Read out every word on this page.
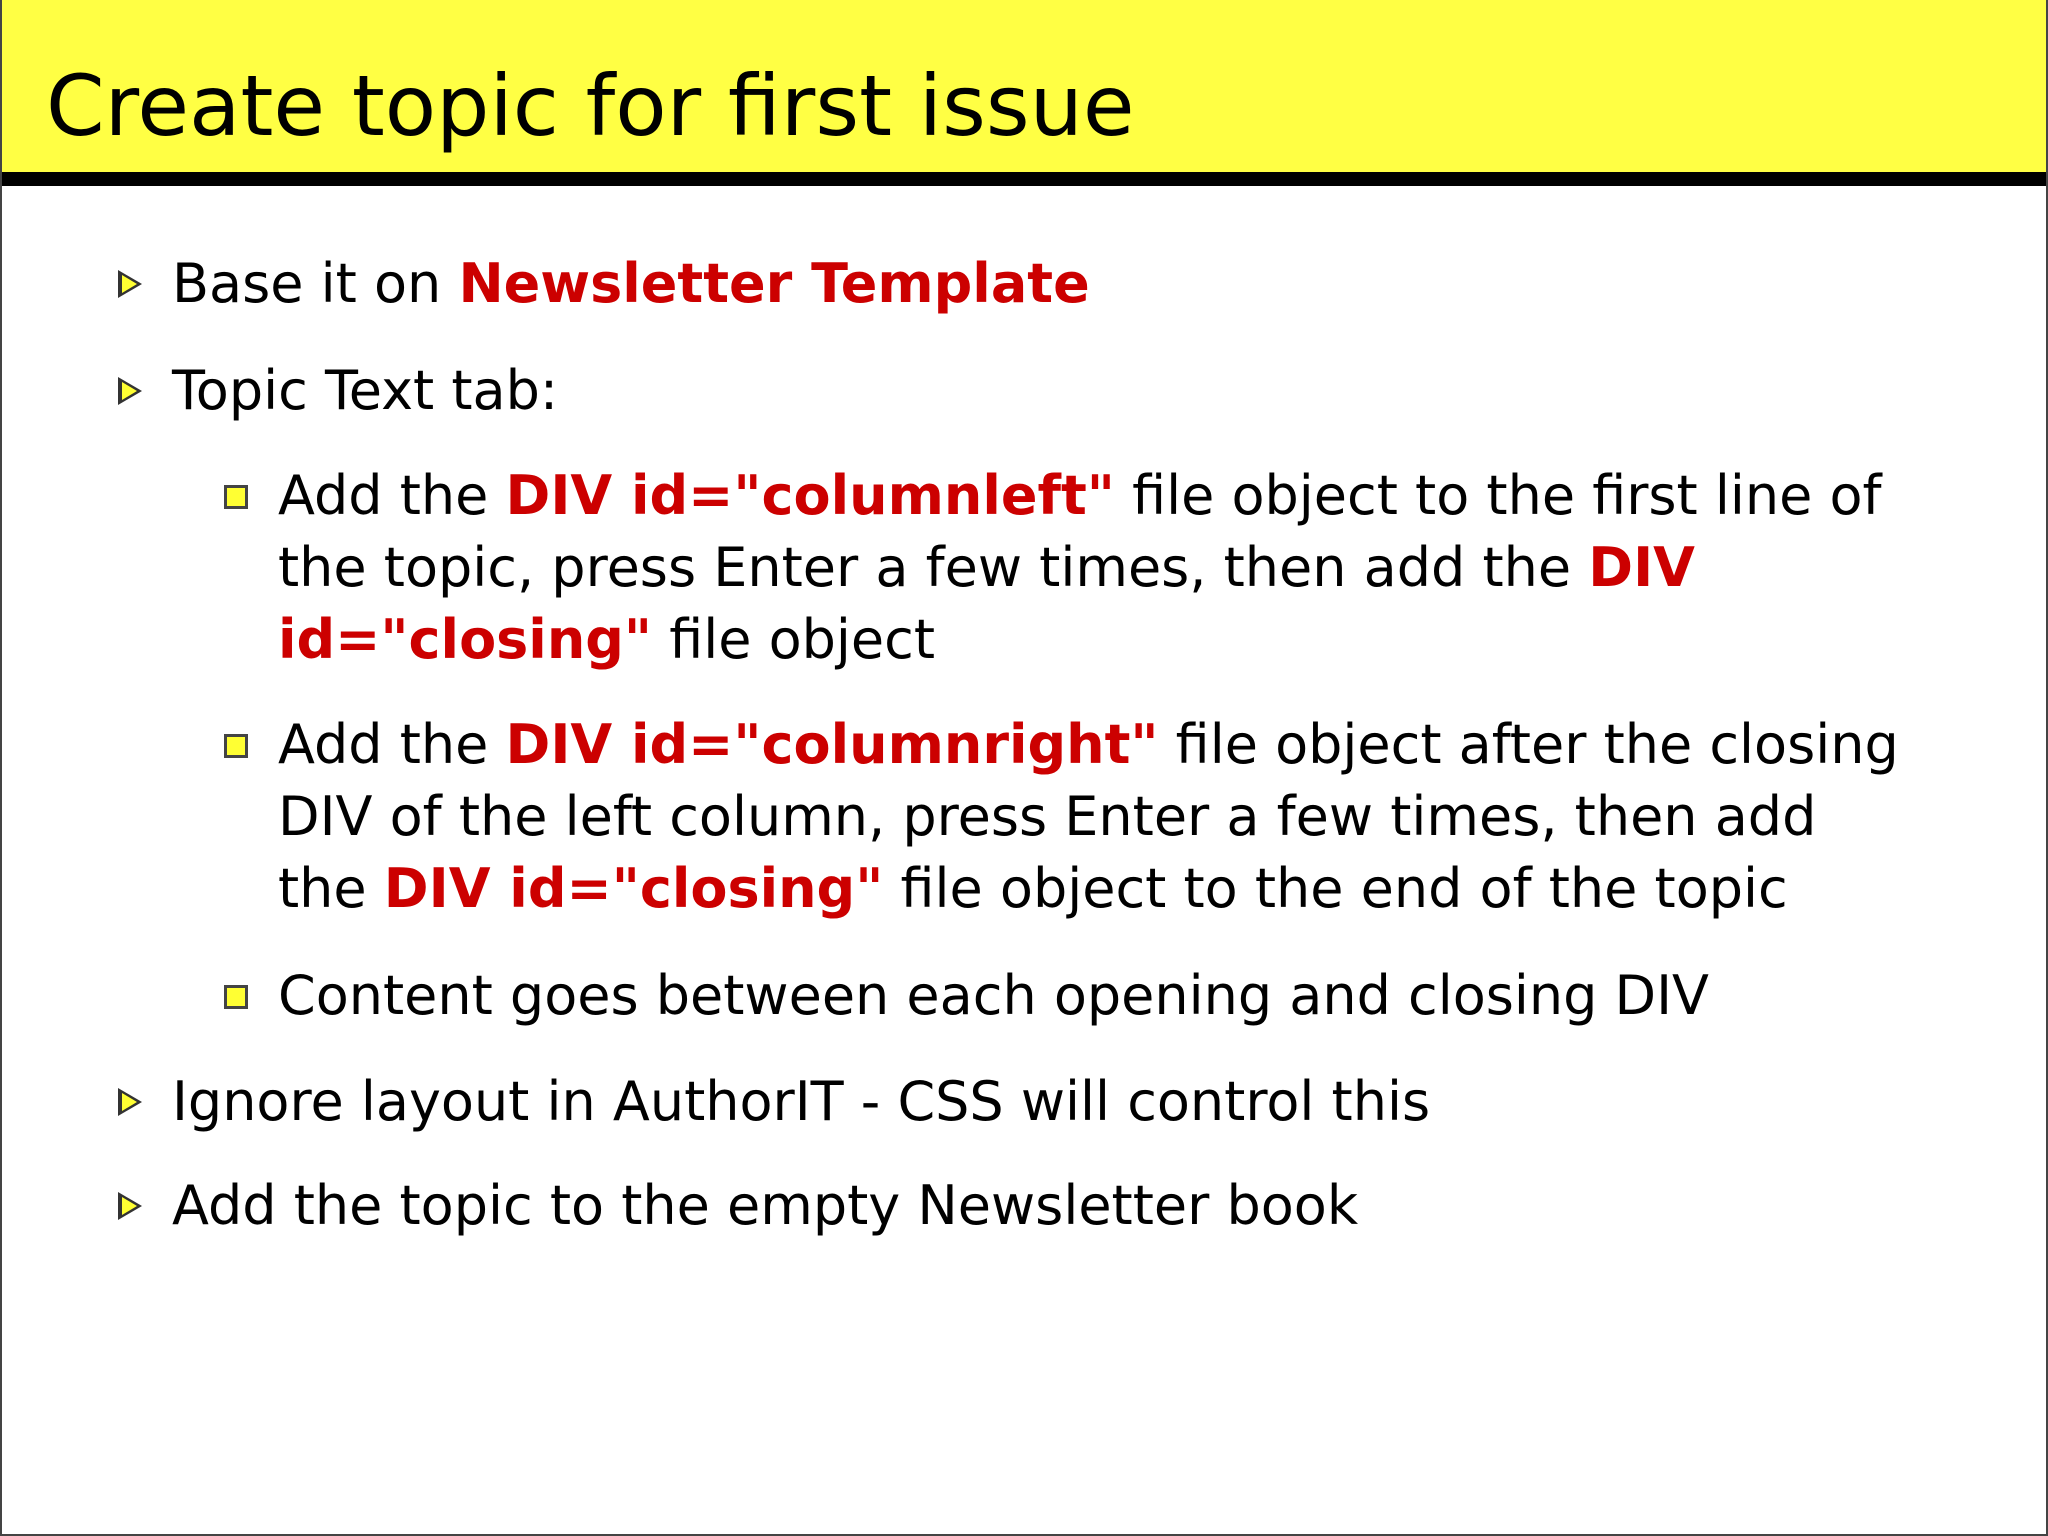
Create topic for first issue
Base it on Newsletter Template
Topic Text tab:
Add the DIV id="columnleft" file object to the first line of the topic, press Enter a few times, then add the DIV id="closing" file object
Add the DIV id="columnright" file object after the closing DIV of the left column, press Enter a few times, then add the DIV id="closing" file object to the end of the topic
Content goes between each opening and closing DIV
Ignore layout in AuthorIT - CSS will control this
Add the topic to the empty Newsletter book
